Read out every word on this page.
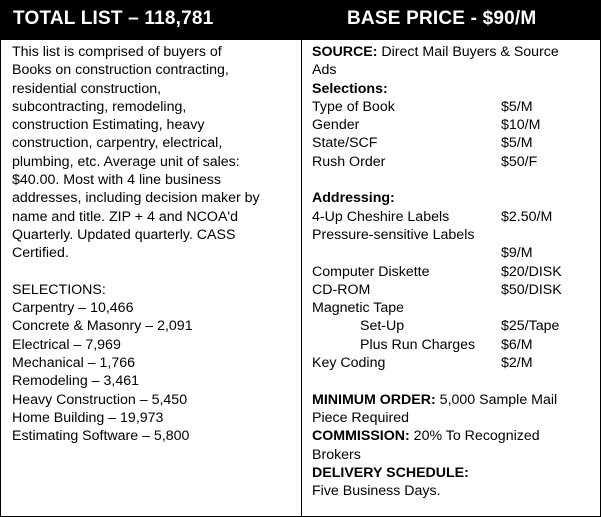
TOTAL LIST – 118,781	BASE PRICE - $90/M
This list is comprised of buyers of
Books on construction contracting,
residential construction,
subcontracting, remodeling,
construction Estimating, heavy
construction, carpentry, electrical,
plumbing, etc. Average unit of sales:
$40.00. Most with 4 line business
addresses, including decision maker by
name and title. ZIP + 4 and NCOA'd
Quarterly. Updated quarterly. CASS
Certified.
SELECTIONS:
Carpentry – 10,466
Concrete & Masonry – 2,091
Electrical – 7,969
Mechanical – 1,766
Remodeling – 3,461
Heavy Construction – 5,450
Home Building – 19,973
Estimating Software – 5,800
SOURCE: Direct Mail Buyers & Source
Ads
Selections:
Type of Book	$5/M
Gender	$10/M
State/SCF	$5/M
Rush Order	$50/F
Addressing:
4-Up Cheshire Labels	$2.50/M
Pressure-sensitive Labels
$9/M
Computer Diskette	$20/DISK
CD-ROM	$50/DISK
Magnetic Tape
Set-Up	$25/Tape
Plus Run Charges $6/M
Key Coding	$2/M
MINIMUM ORDER: 5,000 Sample Mail
Piece Required
COMMISSION: 20% To Recognized
Brokers
DELIVERY SCHEDULE:
Five Business Days.
